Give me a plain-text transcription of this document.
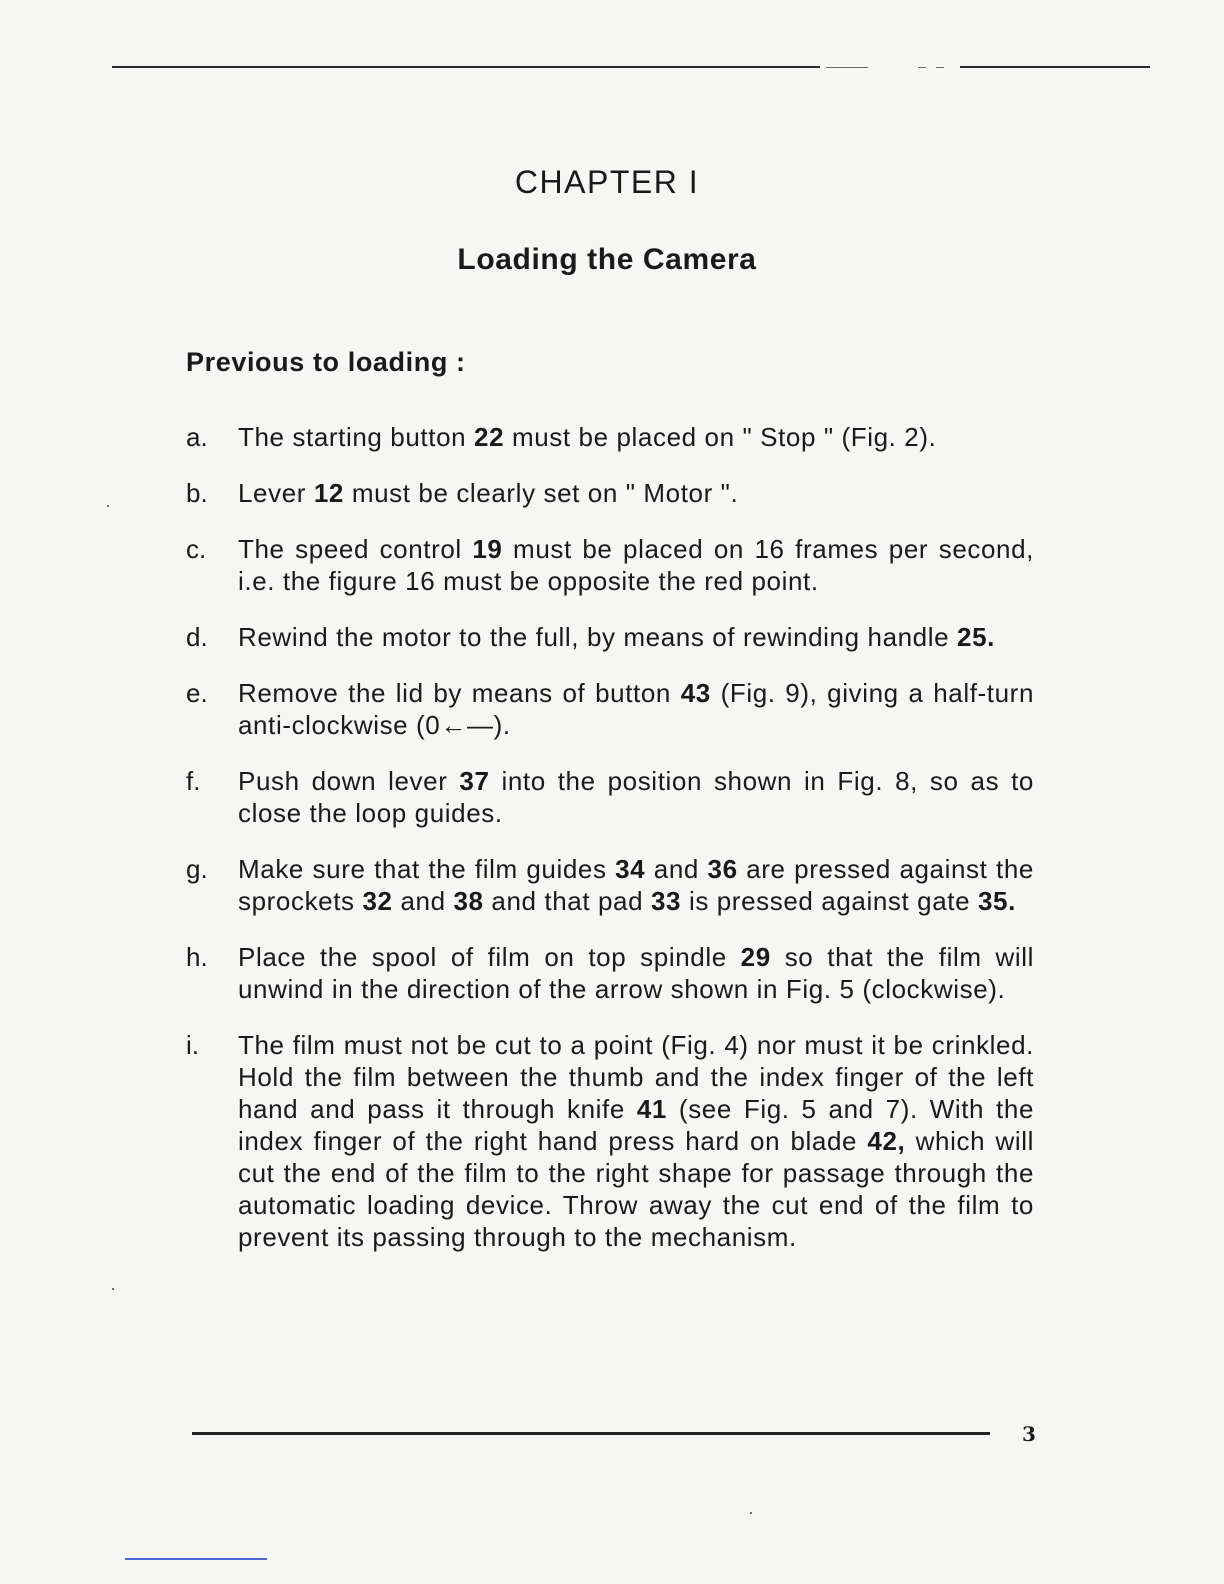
CHAPTER I
Loading the Camera
Previous to loading :
a.	The starting button 22 must be placed on " Stop " (Fig. 2).
b.	Lever 12 must be clearly set on " Motor ".
c.	The speed control 19 must be placed on 16 frames per second, i.e. the figure 16 must be opposite the red point.
d.	Rewind the motor to the full, by means of rewinding handle 25.
e.	Remove the lid by means of button 43 (Fig. 9), giving a half-turn anti-clockwise (0←—).
f.	Push down lever 37 into the position shown in Fig. 8, so as to close the loop guides.
g.	Make sure that the film guides 34 and 36 are pressed against the sprockets 32 and 38 and that pad 33 is pressed against gate 35.
h.	Place the spool of film on top spindle 29 so that the film will unwind in the direction of the arrow shown in Fig. 5 (clockwise).
i.	The film must not be cut to a point (Fig. 4) nor must it be crinkled. Hold the film between the thumb and the index finger of the left hand and pass it through knife 41 (see Fig. 5 and 7). With the index finger of the right hand press hard on blade 42, which will cut the end of the film to the right shape for passage through the automatic loading device. Throw away the cut end of the film to prevent its passing through to the mechanism.
3
